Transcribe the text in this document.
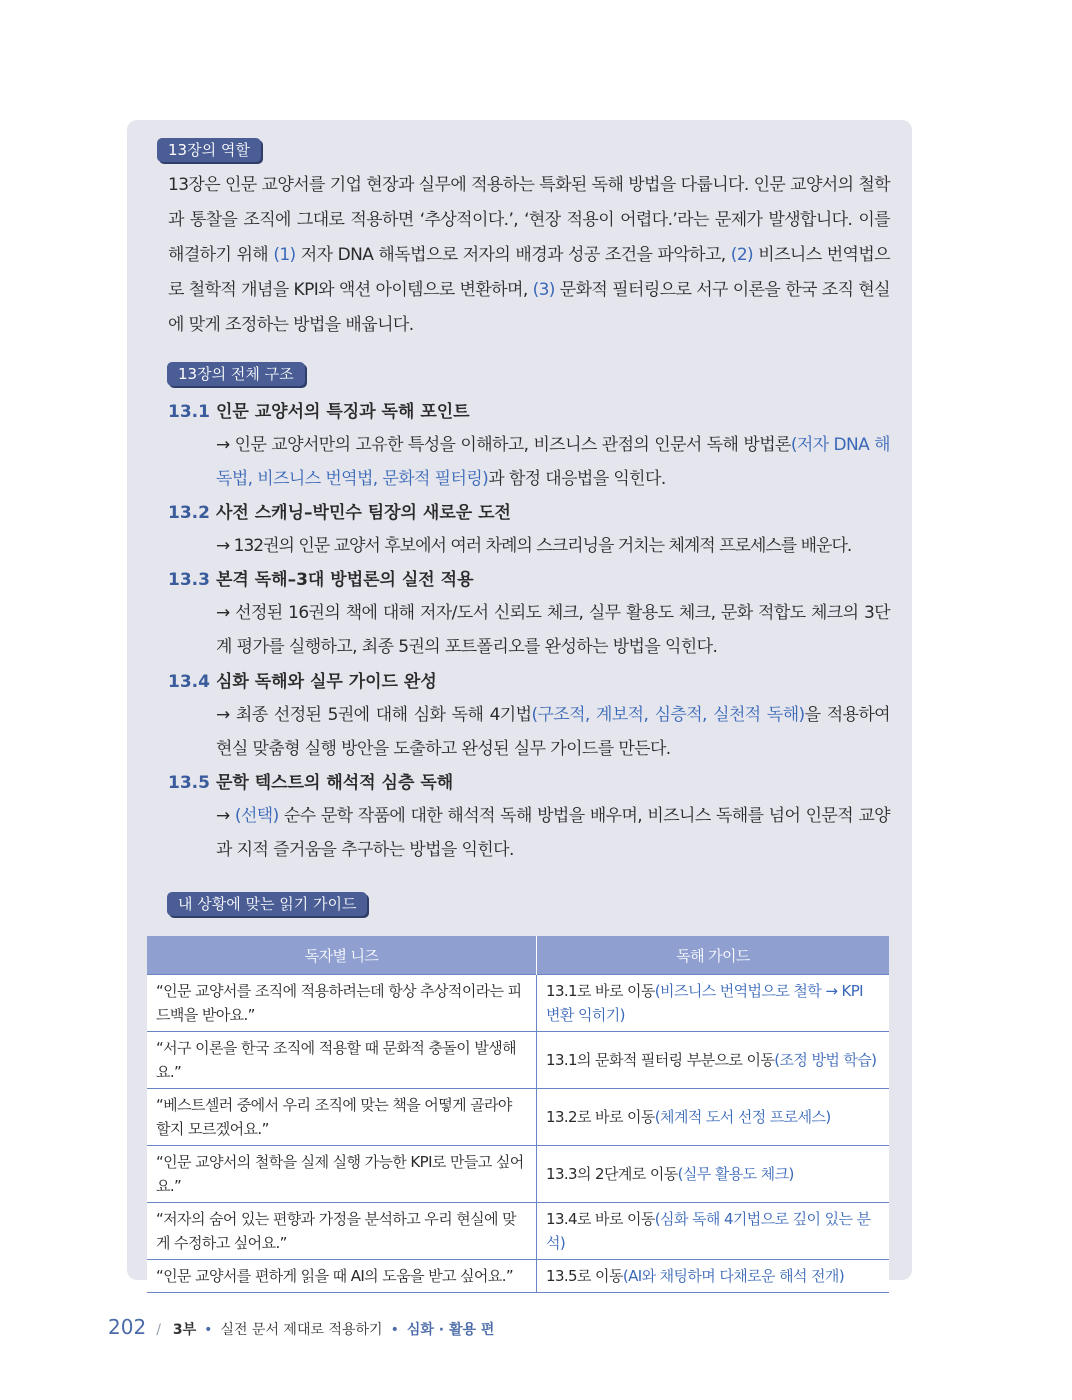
13장의 역할
13장은 인문 교양서를 기업 현장과 실무에 적용하는 특화된 독해 방법을 다룹니다. 인문 교양서의 철학과 통찰을 조직에 그대로 적용하면 ‘추상적이다.’, ‘현장 적용이 어렵다.’라는 문제가 발생합니다. 이를 해결하기 위해 (1) 저자 DNA 해독법으로 저자의 배경과 성공 조건을 파악하고, (2) 비즈니스 번역법으로 철학적 개념을 KPI와 액션 아이템으로 변환하며, (3) 문화적 필터링으로 서구 이론을 한국 조직 현실에 맞게 조정하는 방법을 배웁니다.
13장의 전체 구조
13.1 인문 교양서의 특징과 독해 포인트
→ 인문 교양서만의 고유한 특성을 이해하고, 비즈니스 관점의 인문서 독해 방법론(저자 DNA 해독법, 비즈니스 번역법, 문화적 필터링)과 함정 대응법을 익힌다.
13.2 사전 스캐닝–박민수 팀장의 새로운 도전
→ 132권의 인문 교양서 후보에서 여러 차례의 스크리닝을 거치는 체계적 프로세스를 배운다.
13.3 본격 독해–3대 방법론의 실전 적용
→ 선정된 16권의 책에 대해 저자/도서 신뢰도 체크, 실무 활용도 체크, 문화 적합도 체크의 3단계 평가를 실행하고, 최종 5권의 포트폴리오를 완성하는 방법을 익힌다.
13.4 심화 독해와 실무 가이드 완성
→ 최종 선정된 5권에 대해 심화 독해 4기법(구조적, 계보적, 심층적, 실천적 독해)을 적용하여 현실 맞춤형 실행 방안을 도출하고 완성된 실무 가이드를 만든다.
13.5 문학 텍스트의 해석적 심층 독해
→ (선택) 순수 문학 작품에 대한 해석적 독해 방법을 배우며, 비즈니스 독해를 넘어 인문적 교양과 지적 즐거움을 추구하는 방법을 익힌다.
내 상황에 맞는 읽기 가이드
독자별 니즈	독해 가이드
“인문 교양서를 조직에 적용하려는데 항상 추상적이라는 피드백을 받아요.”	13.1로 바로 이동(비즈니스 번역법으로 철학 → KPI 변환 익히기)
“서구 이론을 한국 조직에 적용할 때 문화적 충돌이 발생해요.”	13.1의 문화적 필터링 부분으로 이동(조정 방법 학습)
“베스트셀러 중에서 우리 조직에 맞는 책을 어떻게 골라야 할지 모르겠어요.”	13.2로 바로 이동(체계적 도서 선정 프로세스)
“인문 교양서의 철학을 실제 실행 가능한 KPI로 만들고 싶어요.”	13.3의 2단계로 이동(실무 활용도 체크)
“저자의 숨어 있는 편향과 가정을 분석하고 우리 현실에 맞게 수정하고 싶어요.”	13.4로 바로 이동(심화 독해 4기법으로 깊이 있는 분석)
“인문 교양서를 편하게 읽을 때 AI의 도움을 받고 싶어요.”	13.5로 이동(AI와 채팅하며 다채로운 해석 전개)
202 / 3부 • 실전 문서 제대로 적용하기 • 심화 · 활용 편
